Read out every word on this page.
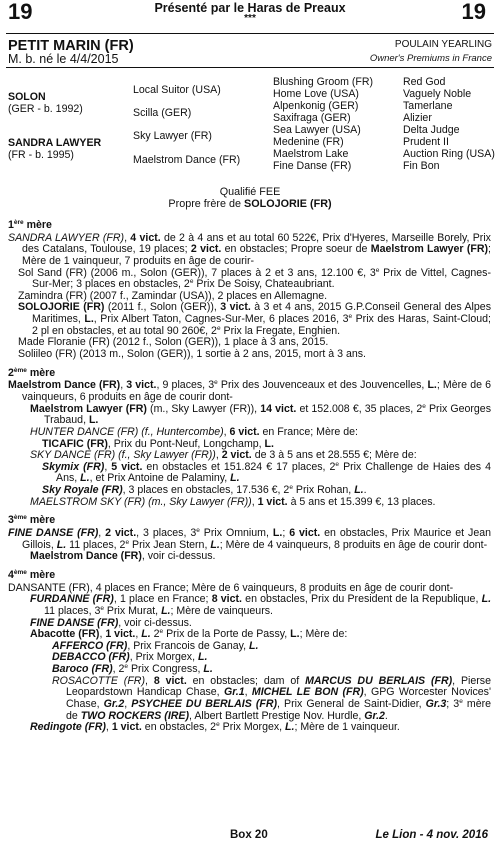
19	Présenté par le Haras de Preaux
***	19
PETIT MARIN (FR)
M. b. né le 4/4/2015
POULAIN YEARLING
Owner's Premiums in France
SOLON
(GER - b. 1992)
SANDRA LAWYER
(FR - b. 1995)
Local Suitor (USA)
Scilla (GER)
Sky Lawyer (FR)
Maelstrom Dance (FR)
Blushing Groom (FR)
Home Love (USA)
Alpenkonig (GER)
Saxifraga (GER)
Sea Lawyer (USA)
Medenine (FR)
Maelstrom Lake
Fine Danse (FR)
Red God
Vaguely Noble
Tamerlane
Alizier
Delta Judge
Prudent II
Auction Ring (USA)
Fin Bon
Qualifié FEE
Propre frère de SOLOJORIE (FR)
1ère mère
SANDRA LAWYER (FR), 4 vict. de 2 à 4 ans et au total 60 522€, Prix d'Hyeres, Marseille Borely, Prix des Catalans, Toulouse, 19 places; 2 vict. en obstacles; Propre soeur de Maelstrom Lawyer (FR); Mère de 1 vainqueur, 7 produits en âge de courir-
Sol Sand (FR) (2006 m., Solon (GER)), 7 places à 2 et 3 ans, 12.100 €, 3e Prix de Vittel, Cagnes-Sur-Mer; 3 places en obstacles, 2e Prix De Soisy, Chateaubriant.
Zamindra (FR) (2007 f., Zamindar (USA)), 2 places en Allemagne.
SOLOJORIE (FR) (2011 f., Solon (GER)), 3 vict. à 3 et 4 ans, 2015 G.P.Conseil General des Alpes Maritimes, L., Prix Albert Taton, Cagnes-Sur-Mer, 6 places 2016, 3e Prix des Haras, Saint-Cloud; 2 pl en obstacles, et au total 90 260€, 2e Prix la Fregate, Enghien.
Made Floranie (FR) (2012 f., Solon (GER)), 1 place à 3 ans, 2015.
Soliileo (FR) (2013 m., Solon (GER)), 1 sortie à 2 ans, 2015, mort à 3 ans.
2ème mère
Maelstrom Dance (FR), 3 vict., 9 places, 3e Prix des Jouvenceaux et des Jouvencelles, L.; Mère de 6 vainqueurs, 6 produits en âge de courir dont-
Maelstrom Lawyer (FR) (m., Sky Lawyer (FR)), 14 vict. et 152.008 €, 35 places, 2e Prix Georges Trabaud, L.
HUNTER DANCE (FR) (f., Huntercombe), 6 vict. en France; Mère de:
TICAFIC (FR), Prix du Pont-Neuf, Longchamp, L.
SKY DANCE (FR) (f., Sky Lawyer (FR)), 2 vict. de 3 à 5 ans et 28.555 €; Mère de:
Skymix (FR), 5 vict. en obstacles et 151.824 € 17 places, 2e Prix Challenge de Haies des 4 Ans, L., et Prix Antoine de Palaminy, L.
Sky Royale (FR), 3 places en obstacles, 17.536 €, 2e Prix Rohan, L..
MAELSTROM SKY (FR) (m., Sky Lawyer (FR)), 1 vict. à 5 ans et 15.399 €, 13 places.
3ème mère
FINE DANSE (FR), 2 vict., 3 places, 3e Prix Omnium, L.; 6 vict. en obstacles, Prix Maurice et Jean Gillois, L. 11 places, 2e Prix Jean Stern, L.; Mère de 4 vainqueurs, 8 produits en âge de courir dont-
Maelstrom Dance (FR), voir ci-dessus.
4ème mère
DANSANTE (FR), 4 places en France; Mère de 6 vainqueurs, 8 produits en âge de courir dont-
FURDANNE (FR), 1 place en France; 8 vict. en obstacles, Prix du President de la Republique, L. 11 places, 3e Prix Murat, L.; Mère de vainqueurs.
FINE DANSE (FR), voir ci-dessus.
Abacotte (FR), 1 vict., L. 2e Prix de la Porte de Passy, L.; Mère de:
AFFERCO (FR), Prix Francois de Ganay, L.
DEBACCO (FR), Prix Morgex, L.
Baroco (FR), 2e Prix Congress, L.
ROSACOTTE (FR), 8 vict. en obstacles; dam of MARCUS DU BERLAIS (FR), Pierse Leopardstown Handicap Chase, Gr.1, MICHEL LE BON (FR), GPG Worcester Novices' Chase, Gr.2, PSYCHEE DU BERLAIS (FR), Prix General de Saint-Didier, Gr.3; 3e mère de TWO ROCKERS (IRE), Albert Bartlett Prestige Nov. Hurdle, Gr.2.
Redingote (FR), 1 vict. en obstacles, 2e Prix Morgex, L.; Mère de 1 vainqueur.
Box 20	Le Lion - 4 nov. 2016
